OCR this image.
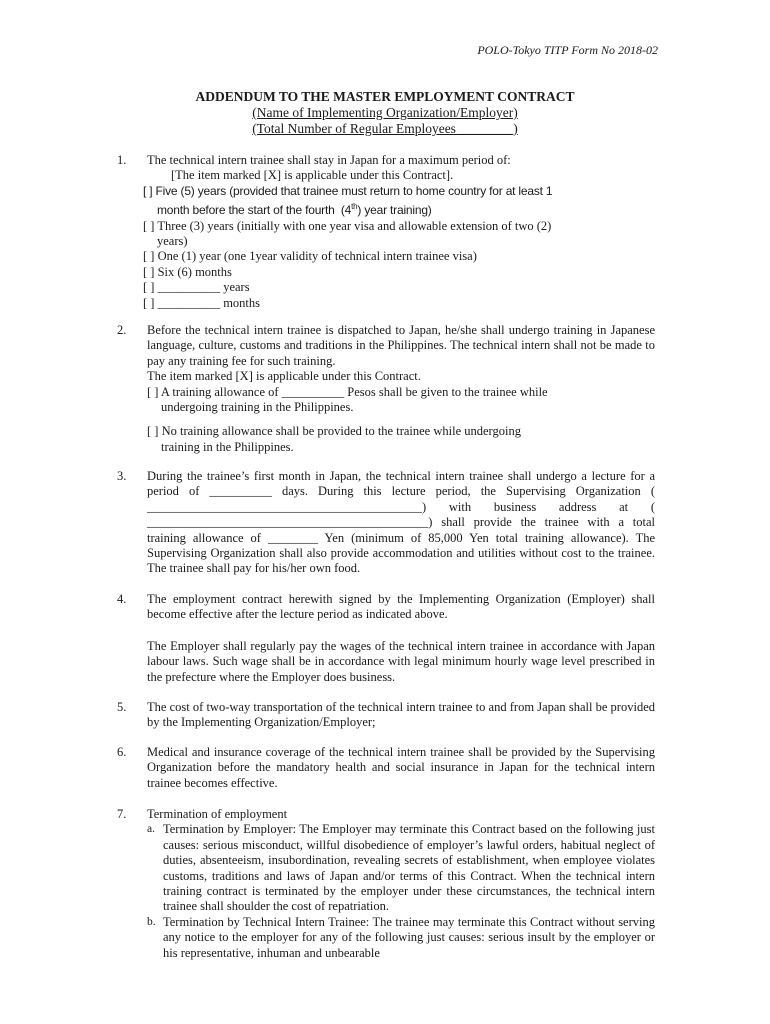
POLO-Tokyo TITP Form No 2018-02
ADDENDUM TO THE MASTER EMPLOYMENT CONTRACT
(Name of Implementing Organization/Employer)
(Total Number of Regular Employees ________)
1. The technical intern trainee shall stay in Japan for a maximum period of:

[The item marked [X] is applicable under this Contract].

[ ] Five (5) years (provided that trainee must return to home country for at least 1
month before the start of the fourth (4th) year training)

[ ] Three (3) years (initially with one year visa and allowable extension of two (2)
years)

[ ] One (1) year (one 1year validity of technical intern trainee visa)

[ ] Six (6) months

[ ] __________ years

[ ] __________ months

2. Before the technical intern trainee is dispatched to Japan, he/she shall undergo training in Japanese language, culture, customs and traditions in the Philippines. The technical intern shall not be made to pay any training fee for such training.

The item marked [X] is applicable under this Contract.

[ ] A training allowance of __________ Pesos shall be given to the trainee while
undergoing training in the Philippines.

[ ] No training allowance shall be provided to the trainee while undergoing
training in the Philippines.

3. During the trainee’s first month in Japan, the technical intern trainee shall undergo a lecture for a period of __________ days. During this lecture period, the Supervising Organization ( ____________________________________________) with business address at ( _____________________________________________) shall provide the trainee with a total training allowance of ________ Yen (minimum of 85,000 Yen total training allowance). The Supervising Organization shall also provide accommodation and utilities without cost to the trainee. The trainee shall pay for his/her own food.

4. The employment contract herewith signed by the Implementing Organization (Employer) shall become effective after the lecture period as indicated above.

The Employer shall regularly pay the wages of the technical intern trainee in accordance with Japan labour laws. Such wage shall be in accordance with legal minimum hourly wage level prescribed in the prefecture where the Employer does business.

5. The cost of two-way transportation of the technical intern trainee to and from Japan shall be provided by the Implementing Organization/Employer;

6. Medical and insurance coverage of the technical intern trainee shall be provided by the Supervising Organization before the mandatory health and social insurance in Japan for the technical intern trainee becomes effective.

7. Termination of employment

a. Termination by Employer: The Employer may terminate this Contract based on the following just causes: serious misconduct, willful disobedience of employer’s lawful orders, habitual neglect of duties, absenteeism, insubordination, revealing secrets of establishment, when employee violates customs, traditions and laws of Japan and/or terms of this Contract. When the technical intern training contract is terminated by the employer under these circumstances, the technical intern trainee shall shoulder the cost of repatriation.

b. Termination by Technical Intern Trainee: The trainee may terminate this Contract without serving any notice to the employer for any of the following just causes: serious insult by the employer or his representative, inhuman and unbearable
